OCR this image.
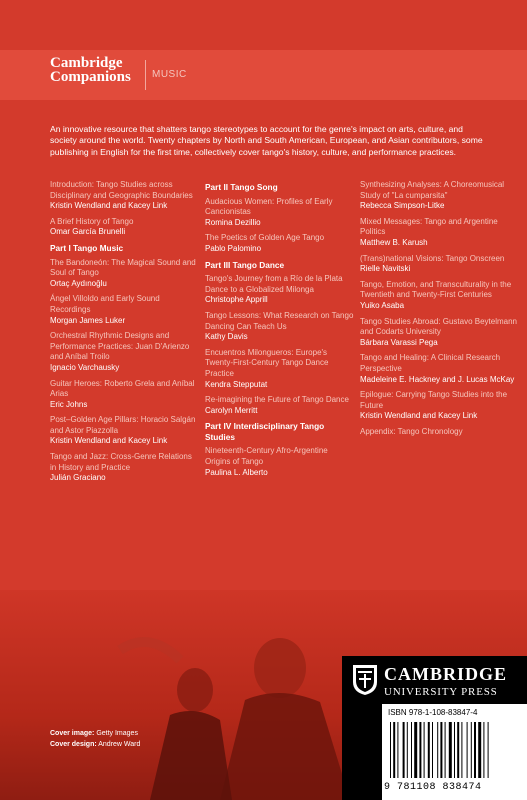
Cambridge
Companions MUSIC
An innovative resource that shatters tango stereotypes to account for the genre's impact on arts, culture, and society around the world. Twenty chapters by North and South American, European, and Asian contributors, some publishing in English for the first time, collectively cover tango's history, culture, and performance practices.
Introduction: Tango Studies across Disciplinary and Geographic Boundaries
Kristin Wendland and Kacey Link
A Brief History of Tango
Omar García Brunelli
Part I Tango Music
The Bandoneón: The Magical Sound and Soul of Tango
Ortaç Aydınoğlu
Ángel Villoldo and Early Sound Recordings
Morgan James Luker
Orchestral Rhythmic Designs and Performance Practices: Juan D'Arienzo and Aníbal Troilo
Ignacio Varchausky
Guitar Heroes: Roberto Grela and Aníbal Arias
Eric Johns
Post–Golden Age Pillars: Horacio Salgán and Astor Piazzolla
Kristin Wendland and Kacey Link
Tango and Jazz: Cross-Genre Relations in History and Practice
Julián Graciano
Part II Tango Song
Audacious Women: Profiles of Early Cancionistas
Romina Dezillio
The Poetics of Golden Age Tango
Pablo Palomino
Part III Tango Dance
Tango's Journey from a Río de la Plata Dance to a Globalized Milonga
Christophe Apprill
Tango Lessons: What Research on Tango Dancing Can Teach Us
Kathy Davis
Encuentros Milongueros: Europe's Twenty-First-Century Tango Dance Practice
Kendra Stepputat
Re-imagining the Future of Tango Dance
Carolyn Merritt
Part IV Interdisciplinary Tango Studies
Nineteenth-Century Afro-Argentine Origins of Tango
Paulina L. Alberto
Synthesizing Analyses: A Choreomusical Study of "La cumparsita"
Rebecca Simpson-Litke
Mixed Messages: Tango and Argentine Politics
Matthew B. Karush
(Trans)national Visions: Tango Onscreen
Rielle Navitski
Tango, Emotion, and Transculturality in the Twentieth and Twenty-First Centuries
Yuiko Asaba
Tango Studies Abroad: Gustavo Beytelmann and Codarts University
Bárbara Varassi Pega
Tango and Healing: A Clinical Research Perspective
Madeleine E. Hackney and J. Lucas McKay
Epilogue: Carrying Tango Studies into the Future
Kristin Wendland and Kacey Link
Appendix: Tango Chronology
Cover image: Getty Images
Cover design: Andrew Ward
CAMBRIDGE
UNIVERSITY PRESS
ISBN 978-1-108-83847-4
9 781108 838474
